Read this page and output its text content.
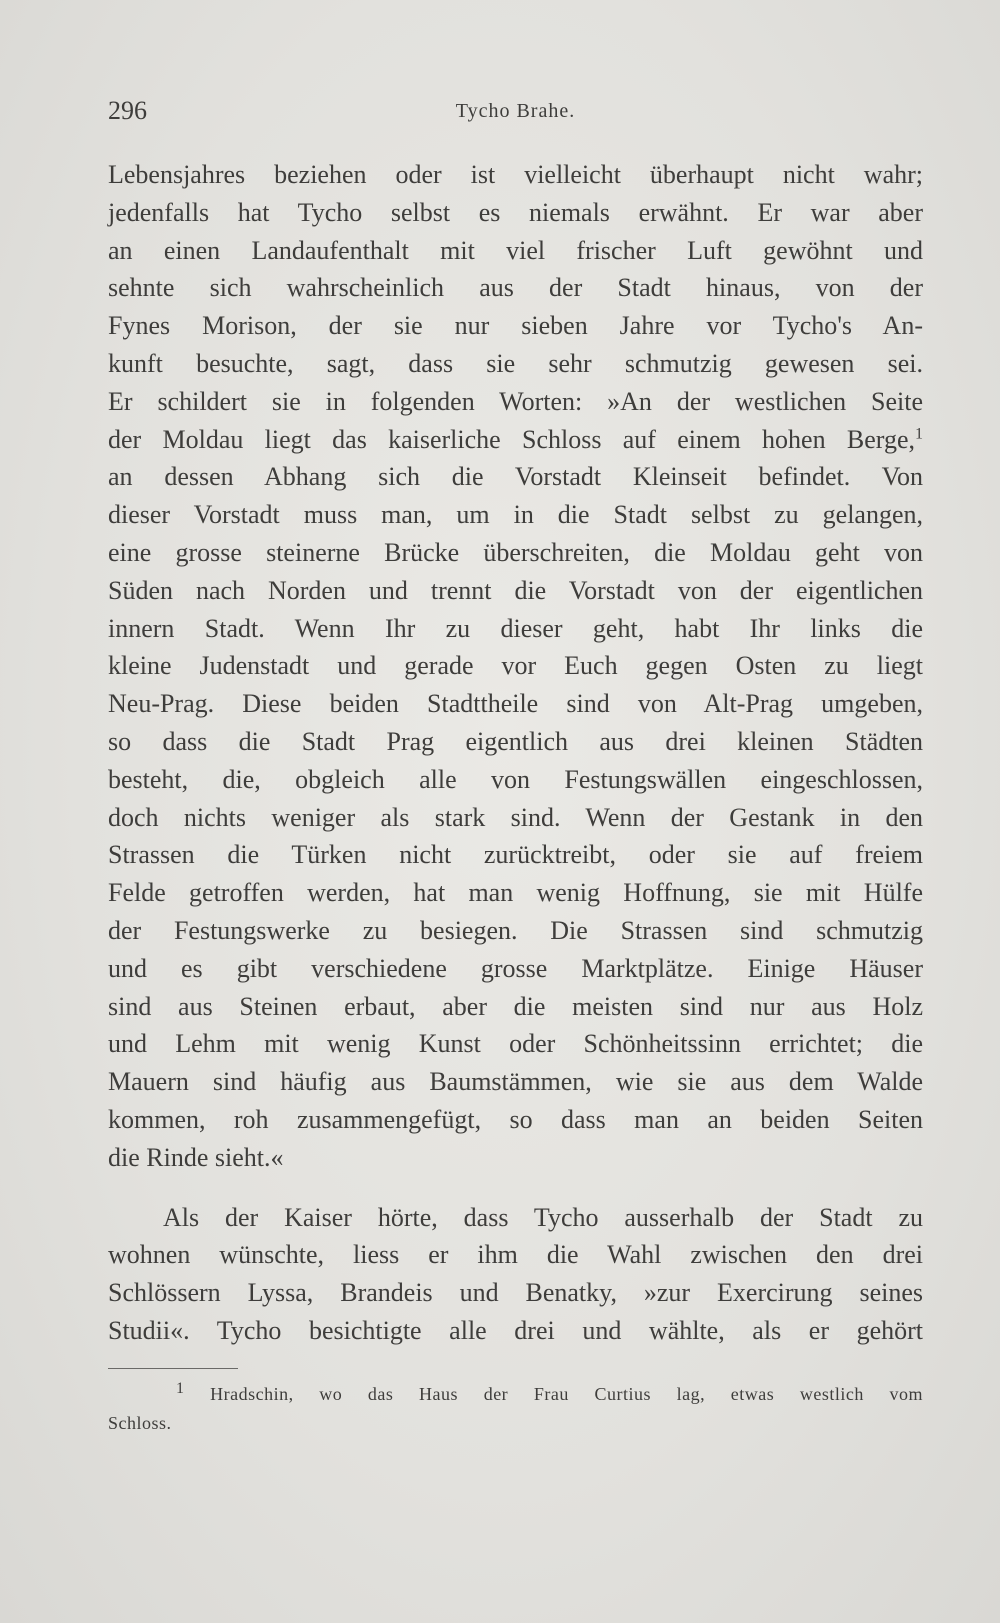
296	Tycho Brahe.
Lebensjahres beziehen oder ist vielleicht überhaupt nicht wahr;
jedenfalls hat Tycho selbst es niemals erwähnt. Er war aber
an einen Landaufenthalt mit viel frischer Luft gewöhnt und
sehnte sich wahrscheinlich aus der Stadt hinaus, von der
Fynes Morison, der sie nur sieben Jahre vor Tycho's An-
kunft besuchte, sagt, dass sie sehr schmutzig gewesen sei.
Er schildert sie in folgenden Worten: »An der westlichen Seite
der Moldau liegt das kaiserliche Schloss auf einem hohen Berge,$^1$
an dessen Abhang sich die Vorstadt Kleinseit befindet. Von
dieser Vorstadt muss man, um in die Stadt selbst zu gelangen,
eine grosse steinerne Brücke überschreiten, die Moldau geht von
Süden nach Norden und trennt die Vorstadt von der eigentlichen
innern Stadt. Wenn Ihr zu dieser geht, habt Ihr links die
kleine Judenstadt und gerade vor Euch gegen Osten zu liegt
Neu-Prag. Diese beiden Stadttheile sind von Alt-Prag umgeben,
so dass die Stadt Prag eigentlich aus drei kleinen Städten
besteht, die, obgleich alle von Festungswällen eingeschlossen,
doch nichts weniger als stark sind. Wenn der Gestank in den
Strassen die Türken nicht zurücktreibt, oder sie auf freiem
Felde getroffen werden, hat man wenig Hoffnung, sie mit Hülfe
der Festungswerke zu besiegen. Die Strassen sind schmutzig
und es gibt verschiedene grosse Marktplätze. Einige Häuser
sind aus Steinen erbaut, aber die meisten sind nur aus Holz
und Lehm mit wenig Kunst oder Schönheitssinn errichtet; die
Mauern sind häufig aus Baumstämmen, wie sie aus dem Walde
kommen, roh zusammengefügt, so dass man an beiden Seiten
die Rinde sieht.«
Als der Kaiser hörte, dass Tycho ausserhalb der Stadt zu
wohnen wünschte, liess er ihm die Wahl zwischen den drei
Schlössern Lyssa, Brandeis und Benatky, »zur Exercirung seines
Studii«. Tycho besichtigte alle drei und wählte, als er gehört
$^1$ Hradschin, wo das Haus der Frau Curtius lag, etwas westlich vom
Schloss.
